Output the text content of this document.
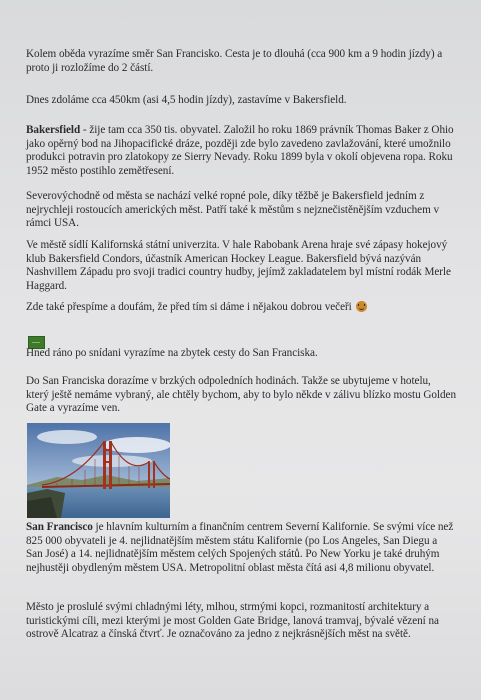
Kolem oběda vyrazíme směr San Francisko. Cesta je to dlouhá (cca 900 km a 9 hodin jízdy) a proto ji rozložíme do 2 částí.

Dnes zdoláme cca 450km (asi 4,5 hodin jízdy), zastavíme v Bakersfield.

Bakersfield - žije tam cca 350 tis. obyvatel. Založil ho roku 1869 právník Thomas Baker z Ohio jako opěrný bod na Jihopacifické dráze, později zde bylo zavedeno zavlažování, které umožnilo produkci potravin pro zlatokopy ze Sierry Nevady. Roku 1899 byla v okolí objevena ropa. Roku 1952 město postihlo zemětřesení.

Severovýchodně od města se nachází velké ropné pole, díky těžbě je Bakersfield jedním z nejrychleji rostoucích amerických měst. Patří také k městům s nejznečistěnějším vzduchem v rámci USA.

Ve městě sídlí Kalifornská státní univerzita. V hale Rabobank Arena hraje své zápasy hokejový klub Bakersfield Condors, účastník American Hockey League. Bakersfield bývá nazýván Nashvillem Západu pro svoji tradici country hudby, jejímž zakladatelem byl místní rodák Merle Haggard.

Zde také přespíme a doufám, že před tím si dáme i nějakou dobrou večeři

Hned ráno po snídani vyrazíme na zbytek cesty do San Franciska.

Do San Franciska dorazíme v brzkých odpoledních hodinách. Takže se ubytujeme v hotelu, který ještě nemáme vybraný, ale chtěly bychom, aby to bylo někde v zálivu blízko mostu Golden Gate a vyrazíme ven.

San Francisco je hlavním kulturním a finančním centrem Severní Kalifornie. Se svými více než 825 000 obyvateli je 4. nejlidnatějším městem státu Kalifornie (po Los Angeles, San Diegu a San José) a 14. nejlidnatějším městem celých Spojených států. Po New Yorku je také druhým nejhustěji obydleným městem USA. Metropolitní oblast města čítá asi 4,8 milionu obyvatel.

Město je proslulé svými chladnými léty, mlhou, strmými kopci, rozmanitostí architektury a turistickými cíli, mezi kterými je most Golden Gate Bridge, lanová tramvaj, bývalé vězení na ostrově Alcatraz a čínská čtvrť. Je označováno za jedno z nejkrásnějších měst na světě.
